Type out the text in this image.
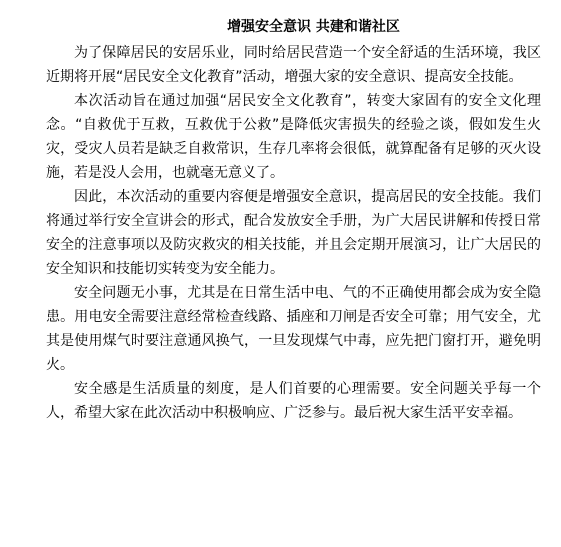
增强安全意识 共建和谐社区

为了保障居民的安居乐业，同时给居民营造一个安全舒适的生活环境，我区近期将开展“居民安全文化教育”活动，增强大家的安全意识、提高安全技能。

本次活动旨在通过加强“居民安全文化教育”，转变大家固有的安全文化理念。“自救优于互救，互救优于公救”是降低灾害损失的经验之谈，假如发生火灾，受灾人员若是缺乏自救常识，生存几率将会很低，就算配备有足够的灭火设施，若是没人会用，也就毫无意义了。

因此，本次活动的重要内容便是增强安全意识，提高居民的安全技能。我们将通过举行安全宣讲会的形式，配合发放安全手册，为广大居民讲解和传授日常安全的注意事项以及防灾救灾的相关技能，并且会定期开展演习，让广大居民的安全知识和技能切实转变为安全能力。

安全问题无小事，尤其是在日常生活中电、气的不正确使用都会成为安全隐患。用电安全需要注意经常检查线路、插座和刀闸是否安全可靠；用气安全，尤其是使用煤气时要注意通风换气，一旦发现煤气中毒，应先把门窗打开，避免明火。

安全感是生活质量的刻度，是人们首要的心理需要。安全问题关乎每一个人，希望大家在此次活动中积极响应、广泛参与。最后祝大家生活平安幸福。
